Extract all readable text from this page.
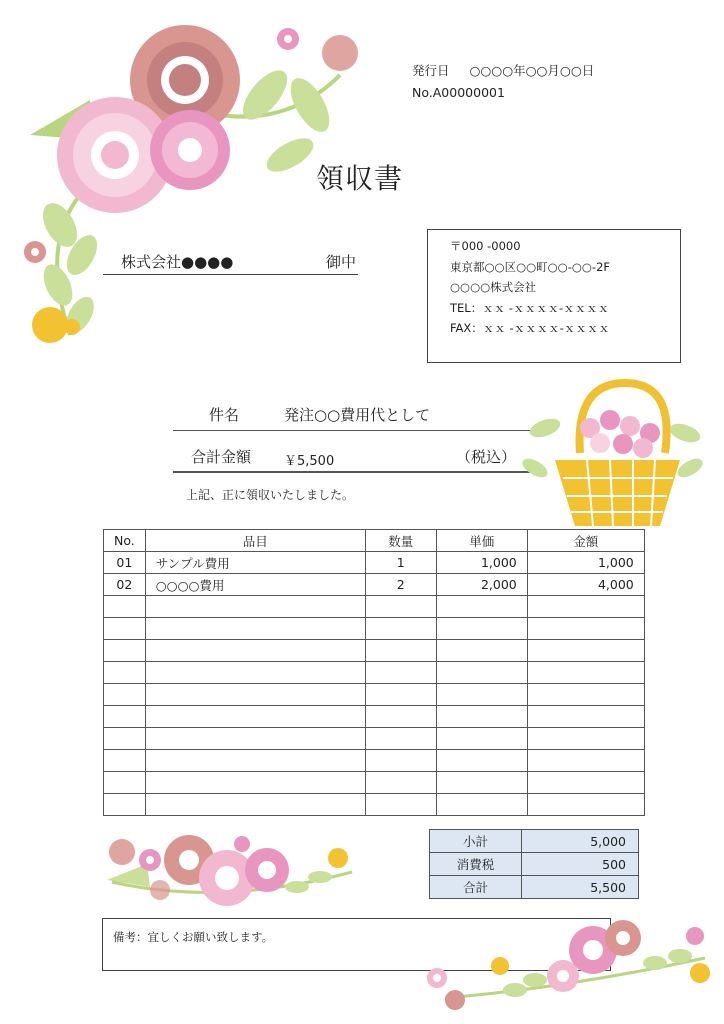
発行日 ○○○○年○○月○○日
No.A00000001
領収書
株式会社●●●●	御中
〒000 -0000
東京都○○区○○町○○-○○-2F
○○○○株式会社
TEL：ｘｘ -ｘｘｘｘ-ｘｘｘｘ
FAX：ｘｘ -ｘｘｘｘ-ｘｘｘｘ
件名	発注○○費用代として
合計金額	￥5,500	（税込）
上記、正に領収いたしました。
No.	品目	数量	単価	金額
01	サンプル費用	1	1,000	1,000
02	○○○○費用	2	2,000	4,000

小計	5,000
消費税	500
合計	5,500
備考：宜しくお願い致します。
